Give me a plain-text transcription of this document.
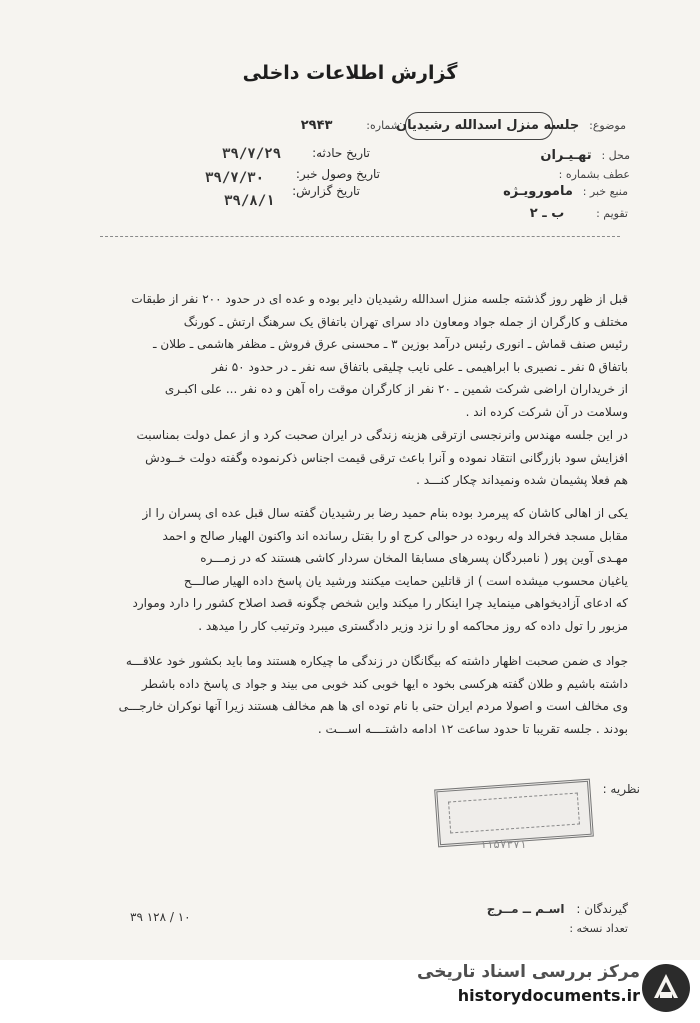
گزارش اطلاعات داخلی
موضوع: جلسه منزل اسدالله رشیدیان
محل : تهـیـران
عطف بشماره :
منبع خبر : مامورویـژه
تقویم : ب ـ ۲
شماره: ۲۹۴۳
تاریخ حادثه:
۳۹/۷/۲۹
تاریخ وصول خبر:
۳۹/۷/۳۰
تاریخ گزارش:
۳۹/۸/۱
قبل از ظهر روز گذشته جلسه منزل اسدالله رشیدیان دایر بوده و عده ای در حدود ۲۰۰ نفر از طبقات
مختلف و کارگران از جمله جواد ومعاون داد سرای تهران باتفاق یک سرهنگ ارتش ـ کورنگ
رئیس صنف قماش ـ انوری رئیس درآمد بوزین ۳ ـ محسنی عرق فروش ـ مظفر هاشمی ـ طلان ـ
باتفاق ۵ نفر ـ نصیری با ابراهیمی ـ علی نایب چلیقی باتفاق سه نفر ـ در حدود ۵۰ نفر
از خریداران اراضی شرکت شمین ـ ۲۰ نفر از کارگران موقت راه آهن و ده نفر ... علی اکبـری
وسلامت در آن شرکت کرده اند .
در این جلسه مهندس وانرنجسی ازترقی هزینه زندگی در ایران صحبت کرد و از عمل دولت بمناسبت
افزایش سود بازرگانی انتقاد نموده و آنرا باعث ترقی قیمت اجناس ذکرنموده وگفته دولت خــودش
هم فعلا پشیمان شده ونمیداند چکار کنـــد .
یکی از اهالی کاشان که پیرمرد بوده بنام حمید رضا بر رشیدیان گفته سال قبل عده ای پسران را از
مقابل مسجد فخرالد وله ربوده در حوالی کرج او را بقتل رسانده اند واکنون الهیار صالح و احمد
مهـدی آوین پور ( نامبردگان پسرهای مسابقا المخان سردار کاشی هستند که در زمـــره
یاغیان محسوب میشده است ) از قاتلین حمایت میکنند ورشید یان پاسخ داده الهیار صالـــح
که ادعای آزادیخواهی مینماید چرا اینکار را میکند واین شخص چگونه قصد اصلاح کشور را دارد وموارد
مزبور را تول داده که روز محاکمه او را نزد وزیر دادگستری میبرد وترتیب کار را میدهد .
جواد ی ضمن صحبت اظهار داشته که بیگانگان در زندگی ما چیکاره هستند وما باید بکشور خود علاقـــه
داشته باشیم و طلان گفته هرکسی بخود ه ایها خوبی کند خوبی می بیند و جواد ی پاسخ داده باشطر
وی مخالف است و اصولا مردم ایران حتی با نام توده ای ها هم مخالف هستند زیرا آنها نوکران خارجـــی
بودند . جلسه تقریبا تا حدود ساعت ۱۲ ادامه داشتــــه اســـت .
نظریه :
۱۱۵۷۳۷۱
گیرندگان : اسـم ــ مــرج
تعداد نسخه :
۳۹ ۱۲۸ / ۱۰
مرکز بررسی اسناد تاریخی
historydocuments.ir
